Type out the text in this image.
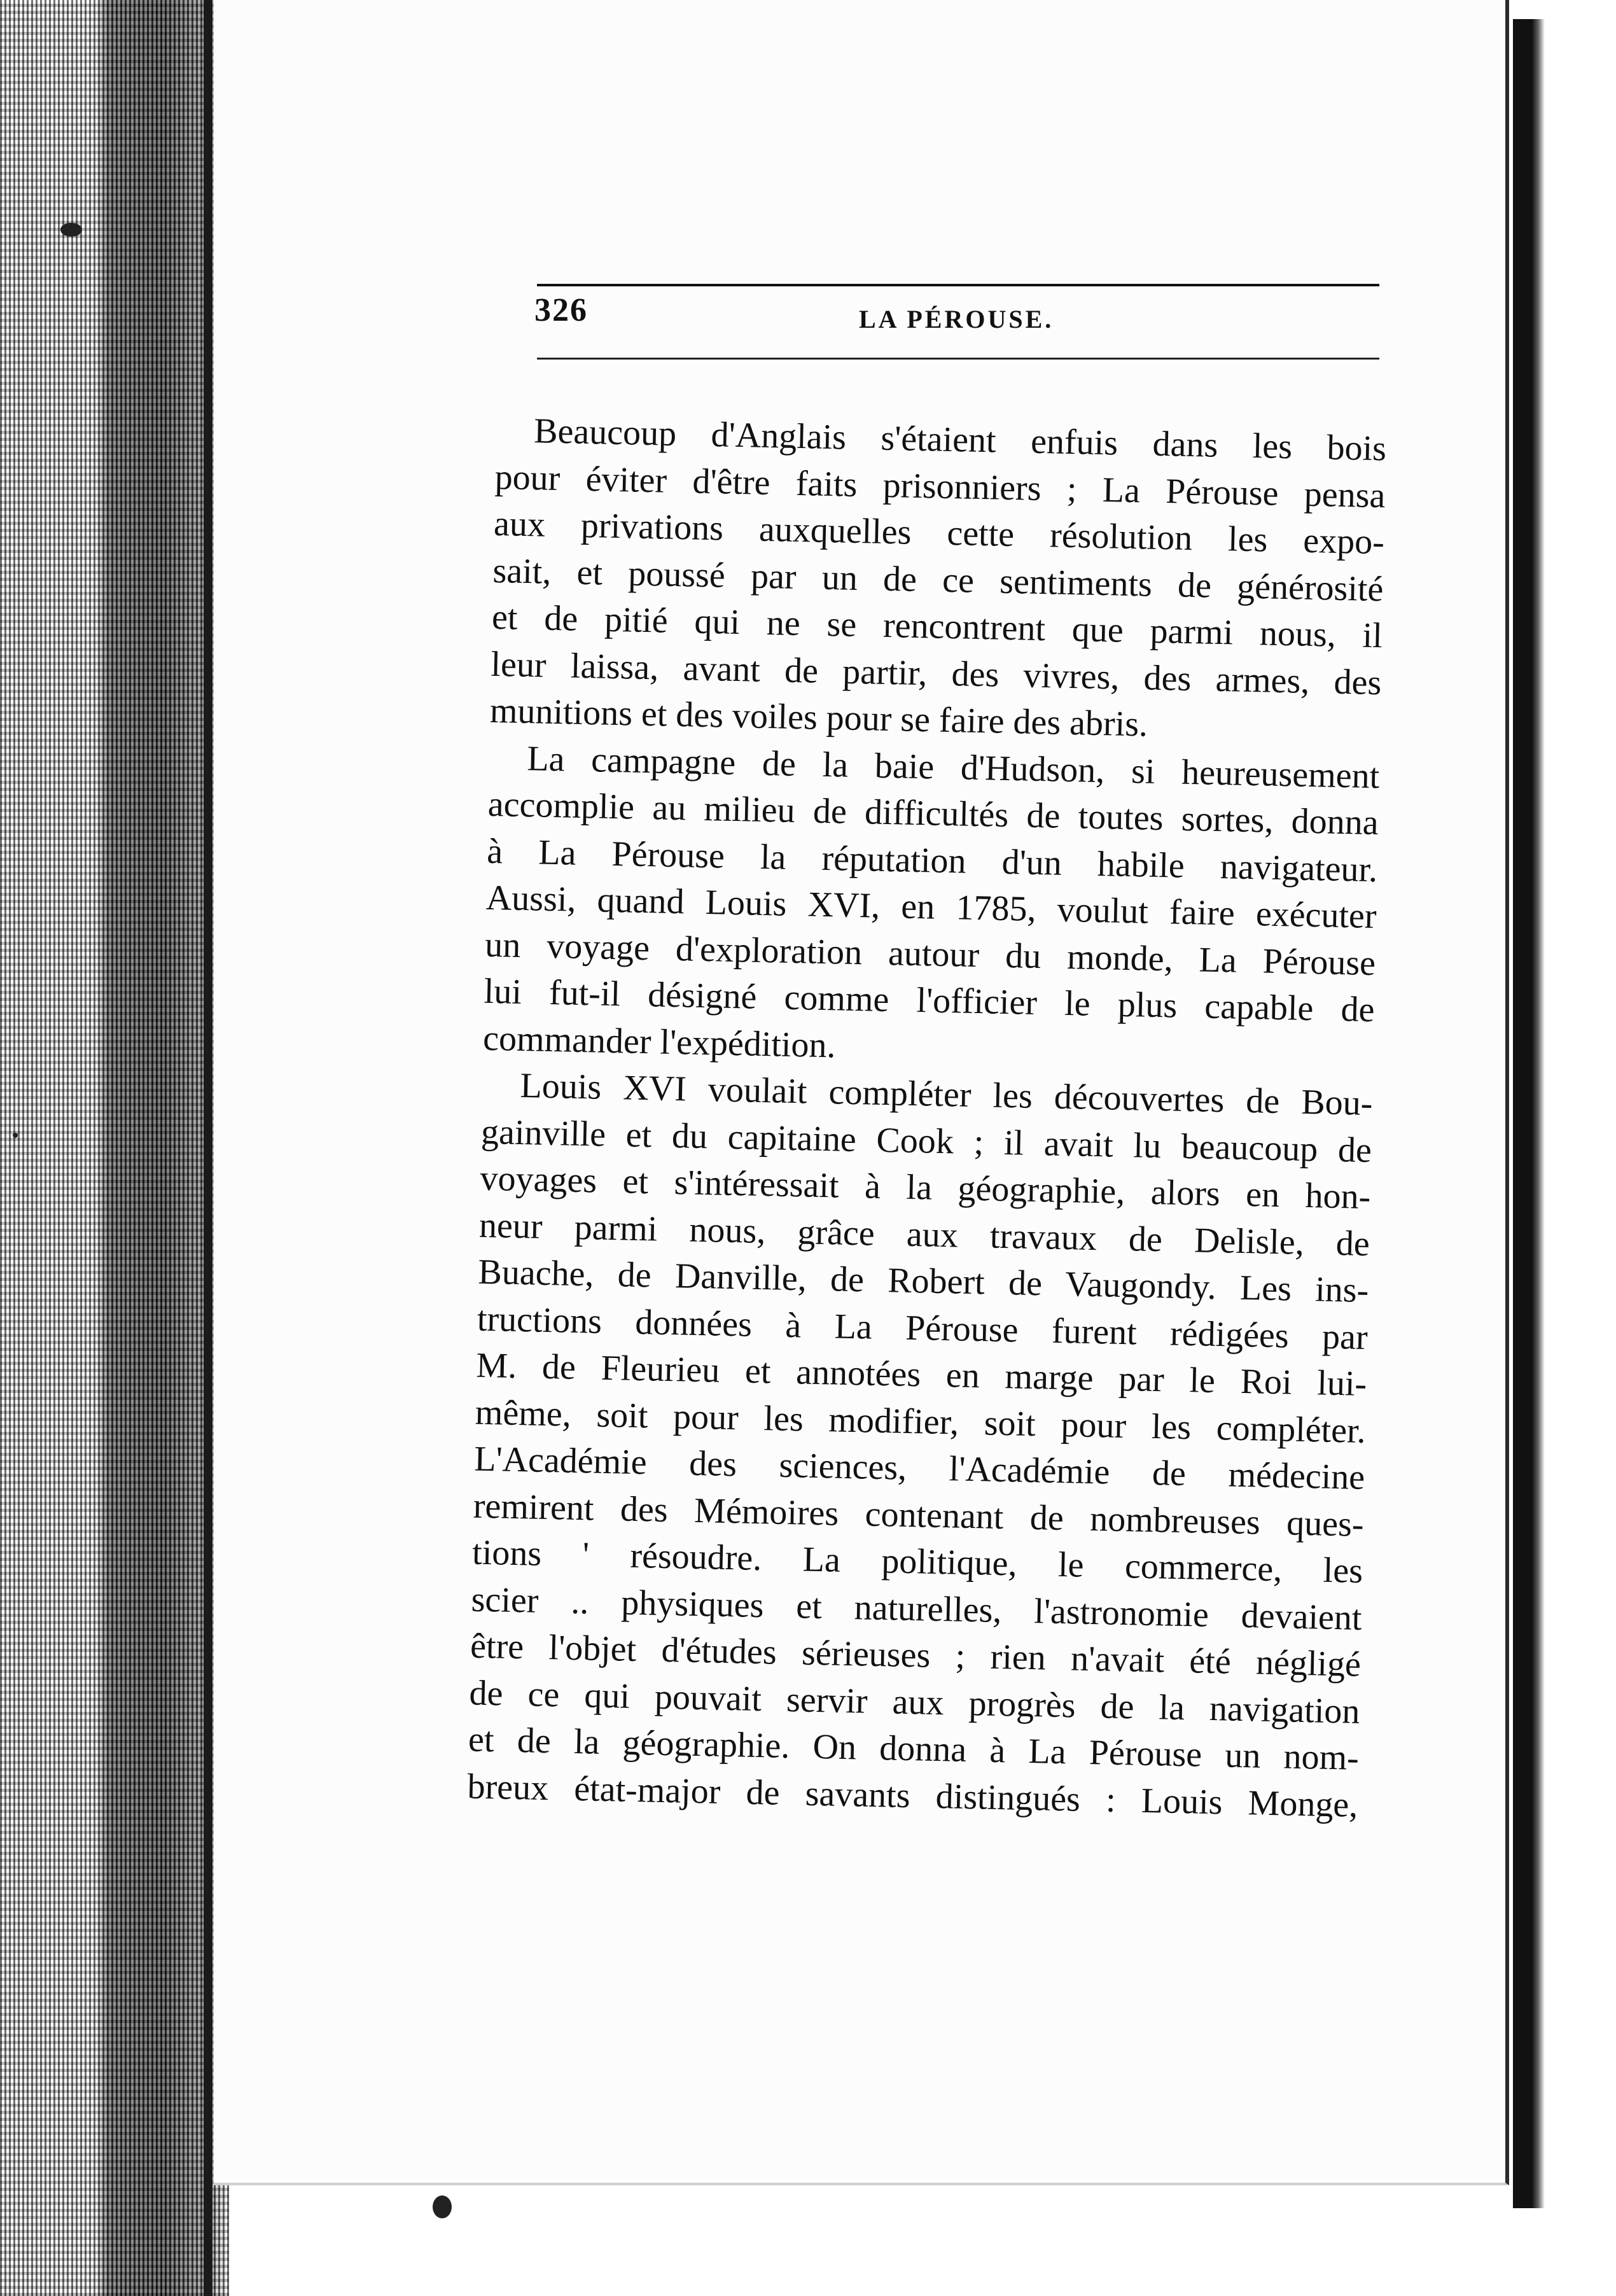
326	LA PÉROUSE.
Beaucoup d'Anglais s'étaient enfuis dans les bois
pour éviter d'être faits prisonniers ; La Pérouse pensa
aux privations auxquelles cette résolution les expo-
sait, et poussé par un de ce sentiments de générosité
et de pitié qui ne se rencontrent que parmi nous, il
leur laissa, avant de partir, des vivres, des armes, des
munitions et des voiles pour se faire des abris.
La campagne de la baie d'Hudson, si heureusement
accomplie au milieu de difficultés de toutes sortes, donna
à La Pérouse la réputation d'un habile navigateur.
Aussi, quand Louis XVI, en 1785, voulut faire exécuter
un voyage d'exploration autour du monde, La Pérouse
lui fut-il désigné comme l'officier le plus capable de
commander l'expédition.
Louis XVI voulait compléter les découvertes de Bou-
gainville et du capitaine Cook ; il avait lu beaucoup de
voyages et s'intéressait à la géographie, alors en hon-
neur parmi nous, grâce aux travaux de Delisle, de
Buache, de Danville, de Robert de Vaugondy. Les ins-
tructions données à La Pérouse furent rédigées par
M. de Fleurieu et annotées en marge par le Roi lui-
même, soit pour les modifier, soit pour les compléter.
L'Académie des sciences, l'Académie de médecine
remirent des Mémoires contenant de nombreuses ques-
tions ' résoudre. La politique, le commerce, les
scier .. physiques et naturelles, l'astronomie devaient
être l'objet d'études sérieuses ; rien n'avait été négligé
de ce qui pouvait servir aux progrès de la navigation
et de la géographie. On donna à La Pérouse un nom-
breux état-major de savants distingués : Louis Monge,
